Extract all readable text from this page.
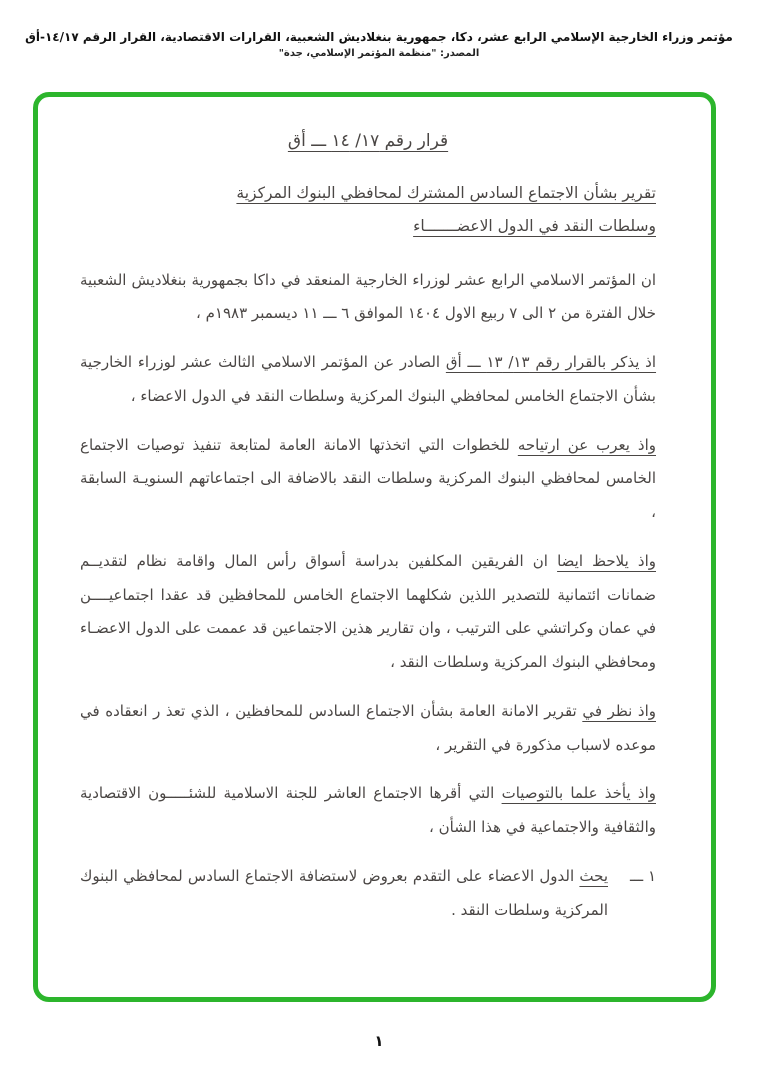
مؤتمر وزراء الخارجية الإسلامي الرابع عشر، دكا، جمهورية بنغلاديش الشعبية، القرارات الاقتصادية، القرار الرقم ١٤/١٧-أق
المصدر: "منظمة المؤتمر الإسلامي، جدة"
قرار رقم ١٧/ ١٤ ـــ أق
تقرير بشأن الاجتماع السادس المشترك لمحافظي البنوك المركزية
وسلطات النقد في الدول الاعضـــــــاء

ان المؤتمر الاسلامي الرابع عشر لوزراء الخارجية المنعقد في داكا بجمهورية بنغلاديش الشعبية خلال الفترة من ٢ الى ٧ ربيع الاول ١٤٠٤ الموافق ٦ ـــ ١١ ديسمبر ١٩٨٣م ،

اذ يذكر بالقرار رقم ١٣/ ١٣ ـــ أق الصادر عن المؤتمر الاسلامي الثالث عشر لوزراء الخارجية بشأن الاجتماع الخامس لمحافظي البنوك المركزية وسلطات النقد في الدول الاعضاء ،

واذ يعرب عن ارتياحه للخطوات التي اتخذتها الامانة العامة لمتابعة تنفيذ توصيات الاجتماع الخامس لمحافظي البنوك المركزية وسلطات النقد بالاضافة الى اجتماعاتهم السنويـة السابقة ،

واذ يلاحظ ايضا ان الفريقين المكلفين بدراسة أسواق رأس المال واقامة نظام لتقديــم ضمانات ائتمانية للتصدير اللذين شكلهما الاجتماع الخامس للمحافظين قد عقدا اجتماعيــــن في عمان وكراتشي على الترتيب ، وان تقارير هذين الاجتماعين قد عممت على الدول الاعضـاء ومحافظي البنوك المركزية وسلطات النقد ،

واذ نظر في تقرير الامانة العامة بشأن الاجتماع السادس للمحافظين ، الذي تعذ ر انعقاده في موعده لاسباب مذكورة في التقرير ،

واذ يأخذ علما بالتوصيات التي أقرها الاجتماع العاشر للجنة الاسلامية للشئـــــون الاقتصادية والثقافية والاجتماعية في هذا الشأن ،

١ ـــ
يحث الدول الاعضاء على التقدم بعروض لاستضافة الاجتماع السادس لمحافظي البنوك المركزية وسلطات النقد .
١
